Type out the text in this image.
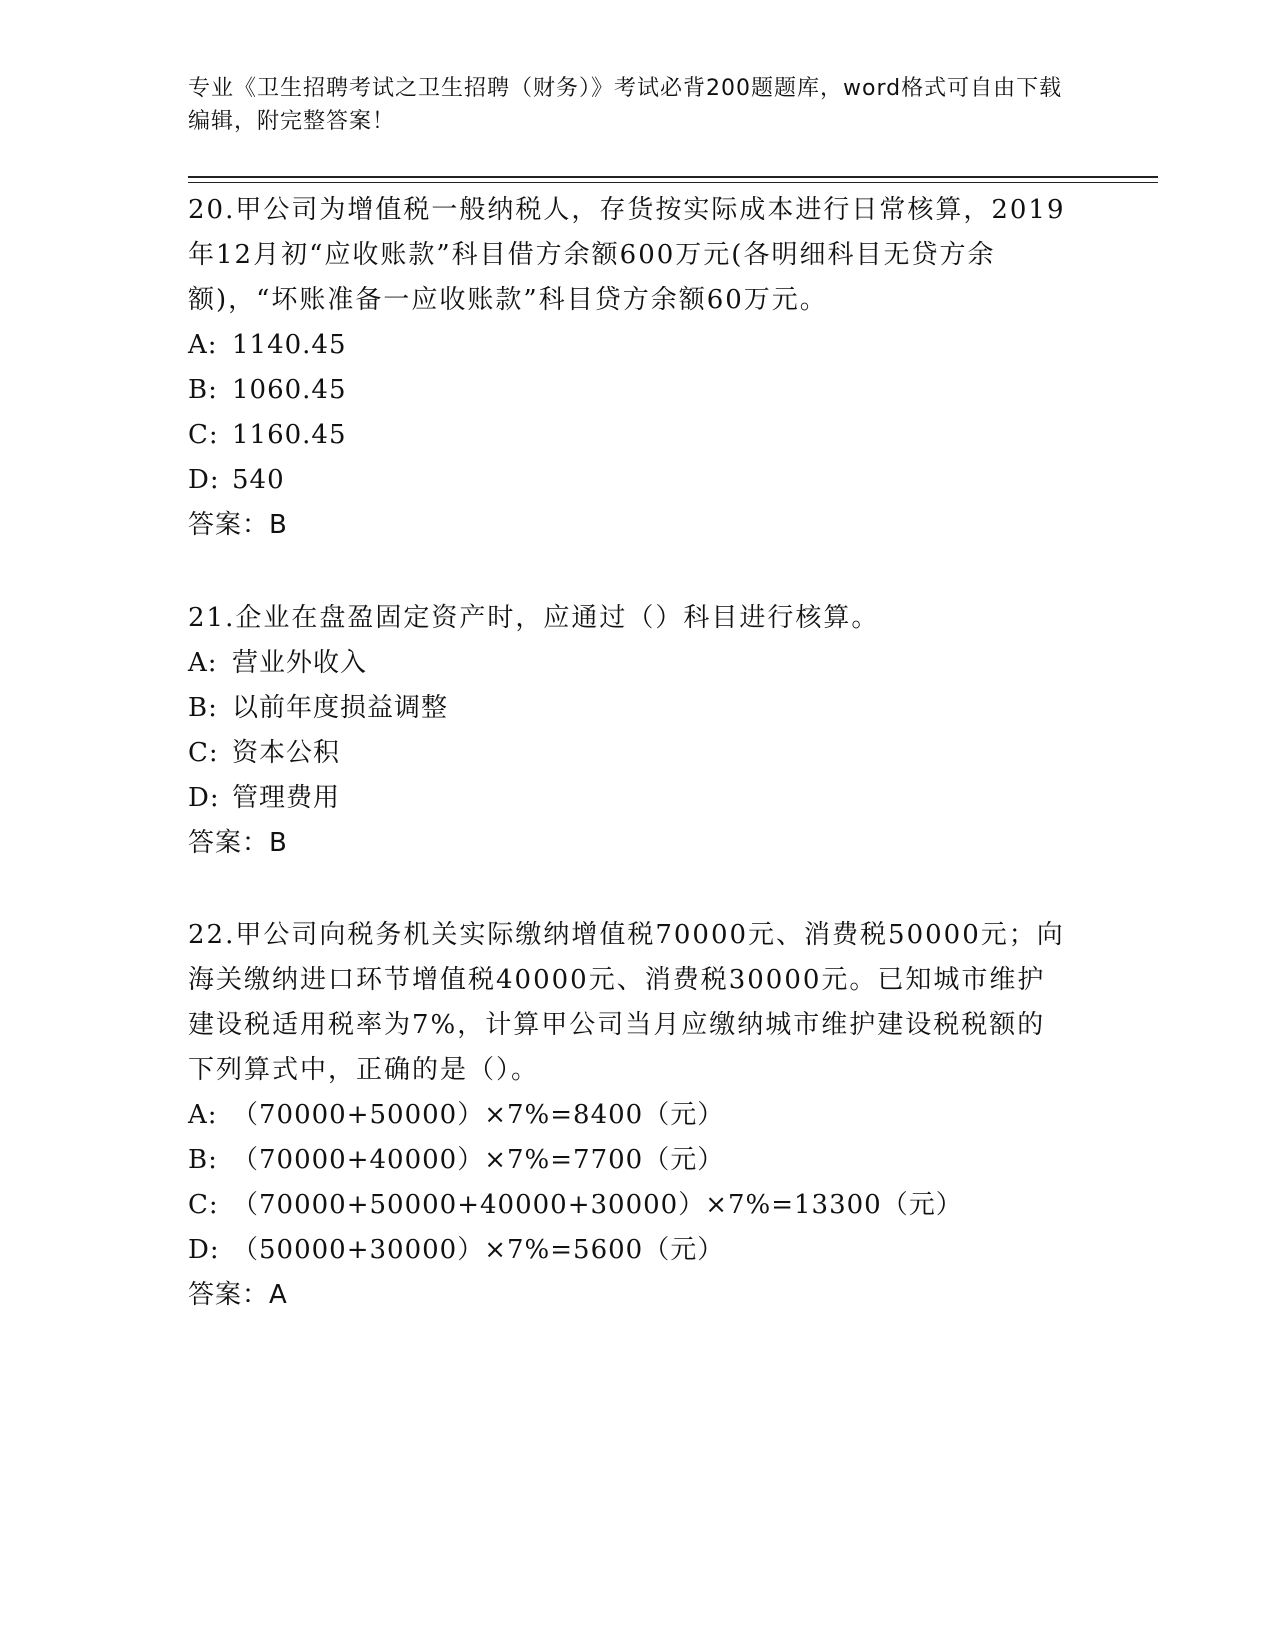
专业《卫生招聘考试之卫生招聘（财务）》考试必背200题题库，word格式可自由下载编辑，附完整答案！

20.甲公司为增值税一般纳税人，存货按实际成本进行日常核算，2019年12月初“应收账款”科目借方余额600万元(各明细科目无贷方余额)，“坏账准备一应收账款”科目贷方余额60万元。

A: 1140.45
B: 1060.45
C: 1160.45
D: 540
答案：B

21.企业在盘盈固定资产时，应通过（）科目进行核算。

A: 营业外收入
B: 以前年度损益调整
C: 资本公积
D: 管理费用
答案：B

22.甲公司向税务机关实际缴纳增值税70000元、消费税50000元；向海关缴纳进口环节增值税40000元、消费税30000元。已知城市维护建设税适用税率为7%，计算甲公司当月应缴纳城市维护建设税税额的下列算式中，正确的是（）。

A: （70000+50000）×7%=8400（元）
B: （70000+40000）×7%=7700（元）
C: （70000+50000+40000+30000）×7%=13300（元）
D: （50000+30000）×7%=5600（元）
答案：A
